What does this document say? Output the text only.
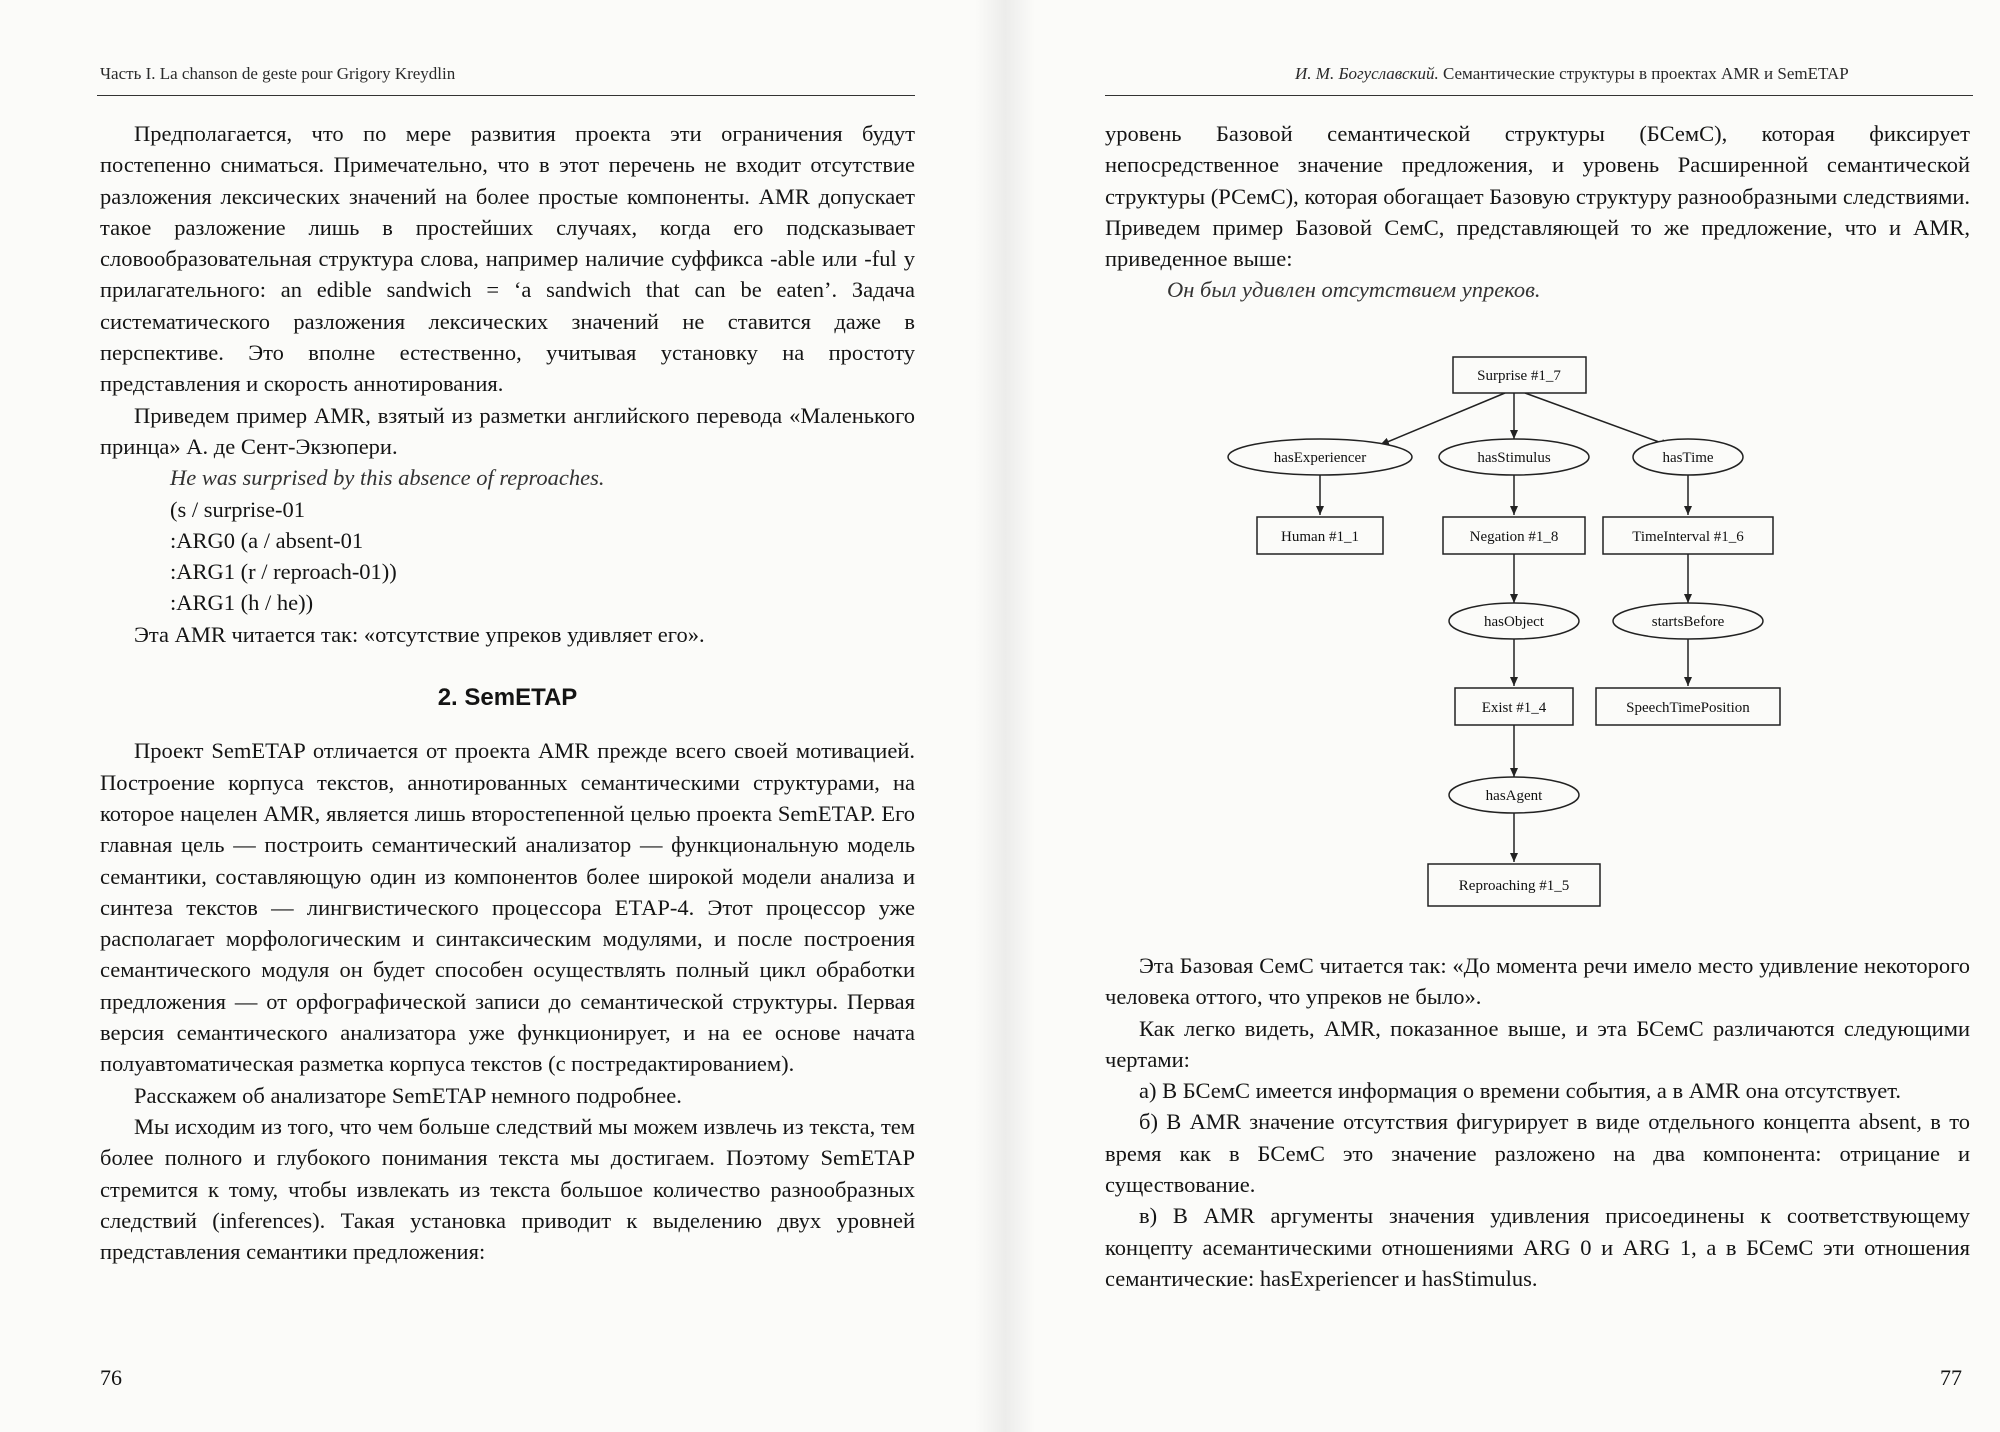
Часть I. La chanson de geste pour Grigory Kreydlin

Предполагается, что по мере развития проекта эти ограничения будут постепенно сниматься. Примечательно, что в этот перечень не входит отсутствие разложения лексических значений на более простые компоненты. AMR допускает такое разложение лишь в простейших случаях, когда его подсказывает словообразовательная структура слова, например наличие суффикса -able или -ful у прилагательного: an edible sandwich = ‘a sandwich that can be eaten’. Задача систематического разложения лексических значений не ставится даже в перспективе. Это вполне естественно, учитывая установку на простоту представления и скорость аннотирования.

Приведем пример AMR, взятый из разметки английского перевода «Маленького принца» А. де Сент-Экзюпери.

He was surprised by this absence of reproaches.

(s / surprise-01

:ARG0 (a / absent-01

:ARG1 (r / reproach-01))

:ARG1 (h / he))

Эта AMR читается так: «отсутствие упреков удивляет его».

2. SemETAP

Проект SemETAP отличается от проекта AMR прежде всего своей мотивацией. Построение корпуса текстов, аннотированных семантическими структурами, на которое нацелен AMR, является лишь второстепенной целью проекта SemETAP. Его главная цель — построить семантический анализатор — функциональную модель семантики, составляющую один из компонентов более широкой модели анализа и синтеза текстов — лингвистического процессора ЕТАР-4. Этот процессор уже располагает морфологическим и синтаксическим модулями, и после построения семантического модуля он будет способен осуществлять полный цикл обработки предложения — от орфографической записи до семантической структуры. Первая версия семантического анализатора уже функционирует, и на ее основе начата полуавтоматическая разметка корпуса текстов (с постредактированием).

Расскажем об анализаторе SemETAP немного подробнее.

Мы исходим из того, что чем больше следствий мы можем извлечь из текста, тем более полного и глубокого понимания текста мы достигаем. Поэтому SemETAP стремится к тому, чтобы извлекать из текста большое количество разнообразных следствий (inferences). Такая установка приводит к выделению двух уровней представления семантики предложения:

76
И. М. Богуславский. Семантические структуры в проектах AMR и SemETAP

уровень Базовой семантической структуры (БСемС), которая фиксирует непосредственное значение предложения, и уровень Расширенной семантической структуры (РСемС), которая обогащает Базовую структуру разнообразными следствиями. Приведем пример Базовой СемС, представляющей то же предложение, что и AMR, приведенное выше:

Он был удивлен отсутствием упреков.

Эта Базовая СемС читается так: «До момента речи имело место удивление некоторого человека оттого, что упреков не было».

Как легко видеть, AMR, показанное выше, и эта БСемС различаются следующими чертами:

а) В БСемС имеется информация о времени события, а в AMR она отсутствует.

б) В AMR значение отсутствия фигурирует в виде отдельного концепта absent, в то время как в БСемС это значение разложено на два компонента: отрицание и существование.

в) В AMR аргументы значения удивления присоединены к соответствующему концепту асемантическими отношениями ARG 0 и ARG 1, а в БСемС эти отношения семантические: hasExperiencer и hasStimulus.

77
Surprise #1_7
hasExperiencer	hasStimulus	hasTime
Human #1_1	Negation #1_8	TimeInterval #1_6
hasObject	startsBefore
Exist #1_4	SpeechTimePosition
hasAgent
Reproaching #1_5
